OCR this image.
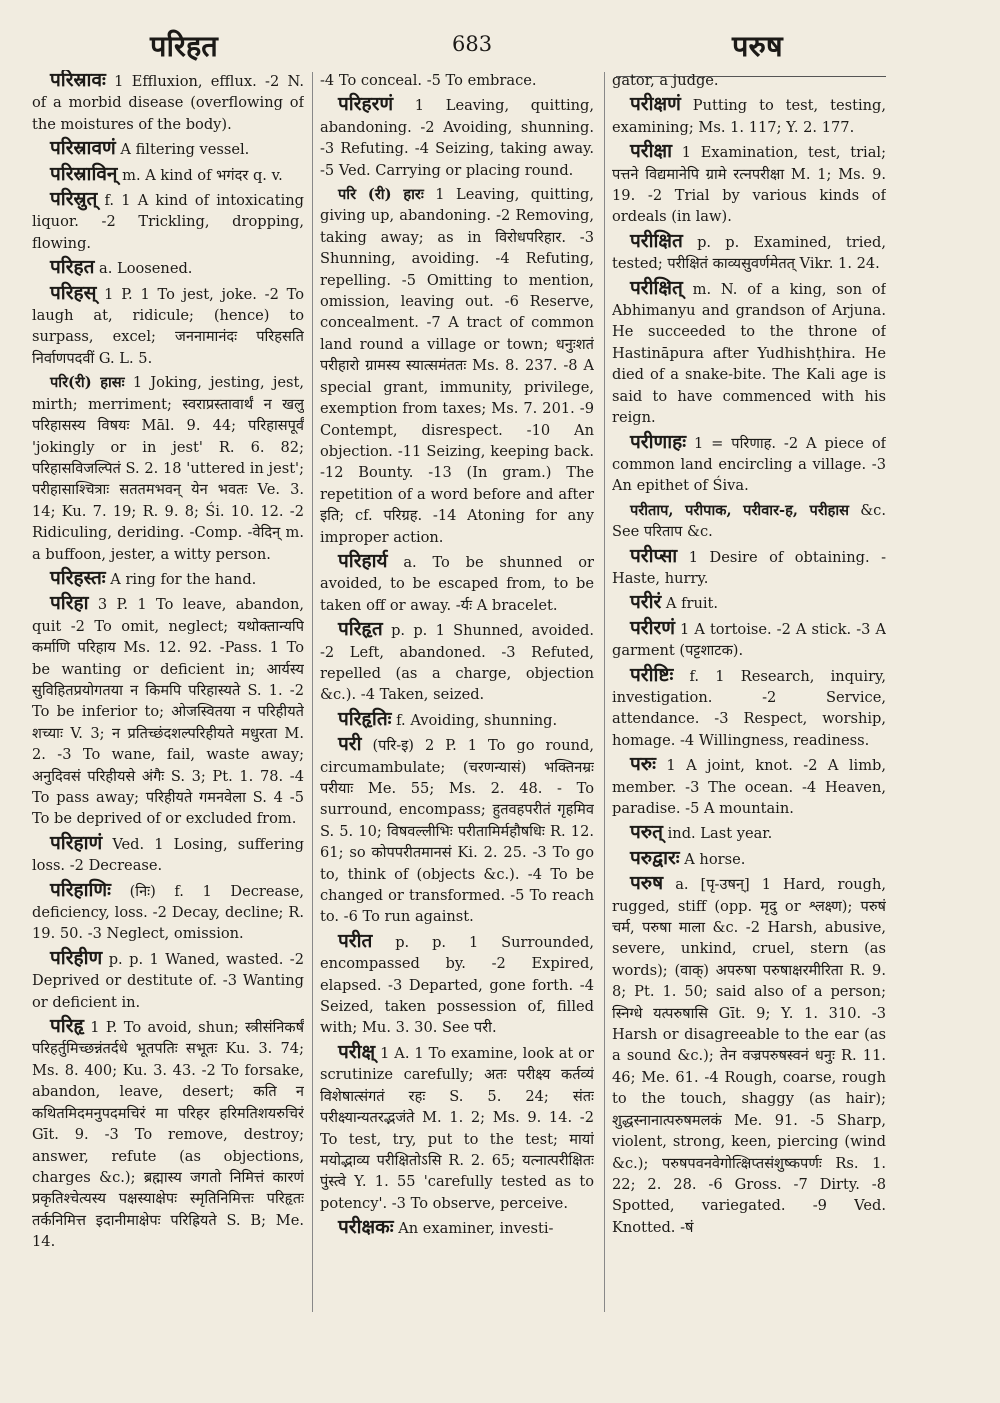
परिहत	683	परुष

परिस्रावः 1 Effluxion, efflux. -2 N. of a morbid disease (overflowing of the moistures of the body).

परिस्रावणं A filtering vessel.

परिस्राविन् m. A kind of भगंदर q. v.

परिस्रुत् f. 1 A kind of intoxicating liquor. -2 Trickling, dropping, flowing.

परिहत a. Loosened.

परिहस् 1 P. 1 To jest, joke. -2 To laugh at, ridicule; (hence) to surpass, excel; जननामानंदः परिहसति निर्वाणपदवीं G. L. 5.

परि(री) हासः 1 Joking, jesting, jest, mirth; merriment; स्वराप्रस्तावार्थं न खलु परिहासस्य विषयः Māl. 9. 44; परिहासपूर्वं 'jokingly or in jest' R. 6. 82; परिहासविजल्पितं S. 2. 18 'uttered in jest'; परीहासाश्चित्राः सततमभवन् येन भवतः Ve. 3. 14; Ku. 7. 19; R. 9. 8; Śi. 10. 12. -2 Ridiculing, deriding. -Comp. -वेदिन् m. a buffoon, jester, a witty person.

परिहस्तः A ring for the hand.

परिहा 3 P. 1 To leave, abandon, quit -2 To omit, neglect; यथोक्तान्यपि कर्माणि परिहाय Ms. 12. 92. -Pass. 1 To be wanting or deficient in; आर्यस्य सुविहितप्रयोगतया न किमपि परिहास्यते S. 1. -2 To be inferior to; ओजस्वितया न परिहीयते शच्याः V. 3; न प्रतिच्छंदशल्परिहीयते मधुरता M. 2. -3 To wane, fail, waste away; अनुदिवसं परिहीयसे अंगैः S. 3; Pt. 1. 78. -4 To pass away; परिहीयते गमनवेला S. 4 -5 To be deprived of or excluded from.

परिहाणं Ved. 1 Losing, suffering loss. -2 Decrease.

परिहाणिः (निः) f. 1 Decrease, deficiency, loss. -2 Decay, decline; R. 19. 50. -3 Neglect, omission.

परिहीण p. p. 1 Waned, wasted. -2 Deprived or destitute of. -3 Wanting or deficient in.

परिहृ 1 P. To avoid, shun; स्त्रीसंनिकर्षं परिहर्तुमिच्छन्नंतर्दधे भूतपतिः सभूतः Ku. 3. 74; Ms. 8. 400; Ku. 3. 43. -2 To forsake, abandon, leave, desert; कति न कथितमिदमनुपदमचिरं मा परिहर हरिमतिशयरुचिरं Gīt. 9. -3 To remove, destroy; answer, refute (as objections, charges &c.); ब्रह्मास्य जगतो निमित्तं कारणं प्रकृतिश्चेत्यस्य पक्षस्याक्षेपः स्मृतिनिमित्तः परिहृतः तर्कनिमित्त इदानीमाक्षेपः परिह्रियते S. B; Me. 14.

-4 To conceal. -5 To embrace.

परिहरणं 1 Leaving, quitting, abandoning. -2 Avoiding, shunning. -3 Refuting. -4 Seizing, taking away. -5 Ved. Carrying or placing round.

परि (री) हारः 1 Leaving, quitting, giving up, abandoning. -2 Removing, taking away; as in विरोधपरिहार. -3 Shunning, avoiding. -4 Refuting, repelling. -5 Omitting to mention, omission, leaving out. -6 Reserve, concealment. -7 A tract of common land round a village or town; धनुःशतं परीहारो ग्रामस्य स्यात्समंततः Ms. 8. 237. -8 A special grant, immunity, privilege, exemption from taxes; Ms. 7. 201. -9 Contempt, disrespect. -10 An objection. -11 Seizing, keeping back. -12 Bounty. -13 (In gram.) The repetition of a word before and after इति; cf. परिग्रह. -14 Atoning for any improper action.

परिहार्य a. To be shunned or avoided, to be escaped from, to be taken off or away. -र्यः A bracelet.

परिहृत p. p. 1 Shunned, avoided. -2 Left, abandoned. -3 Refuted, repelled (as a charge, objection &c.). -4 Taken, seized.

परिहृतिः f. Avoiding, shunning.

परी (परि-इ) 2 P. 1 To go round, circumambulate; (चरणन्यासं) भक्तिनम्रः परीयाः Me. 55; Ms. 2. 48. - To surround, encompass; हुतवहपरीतं गृहमिव S. 5. 10; विषवल्लीभिः परीतामिर्महौषधिः R. 12. 61; so कोपपरीतमानसं Ki. 2. 25. -3 To go to, think of (objects &c.). -4 To be changed or transformed. -5 To reach to. -6 To run against.

परीत p. p. 1 Surrounded, encompassed by. -2 Expired, elapsed. -3 Departed, gone forth. -4 Seized, taken possession of, filled with; Mu. 3. 30. See परी.

परीक्ष् 1 A. 1 To examine, look at or scrutinize carefully; अतः परीक्ष्य कर्तव्यं विशेषात्संगतं रहः S. 5. 24; संतः परीक्ष्यान्यतरद्भजंते M. 1. 2; Ms. 9. 14. -2 To test, try, put to the test; मायां मयोद्भाव्य परीक्षितोऽसि R. 2. 65; यत्नात्परीक्षितः पुंस्त्वे Y. 1. 55 'carefully tested as to potency'. -3 To observe, perceive.

परीक्षकः An examiner, investi-

gator, a judge.

परीक्षणं Putting to test, testing, examining; Ms. 1. 117; Y. 2. 177.

परीक्षा 1 Examination, test, trial; पत्तने विद्यमानेपि ग्रामे रत्नपरीक्षा M. 1; Ms. 9. 19. -2 Trial by various kinds of ordeals (in law).

परीक्षित p. p. Examined, tried, tested; परीक्षितं काव्यसुवर्णमेतत् Vikr. 1. 24.

परीक्षित् m. N. of a king, son of Abhimanyu and grandson of Arjuna. He succeeded to the throne of Hastināpura after Yudhishṭhira. He died of a snake-bite. The Kali age is said to have commenced with his reign.

परीणाहः 1 = परिणाह. -2 A piece of common land encircling a village. -3 An epithet of Śiva.

परीताप, परीपाक, परीवार-ह, परीहास &c. See परिताप &c.

परीप्सा 1 Desire of obtaining. - Haste, hurry.

परीरं A fruit.

परीरणं 1 A tortoise. -2 A stick. -3 A garment (पट्टशाटक).

परीष्टिः f. 1 Research, inquiry, investigation. -2 Service, attendance. -3 Respect, worship, homage. -4 Willingness, readiness.

परुः 1 A joint, knot. -2 A limb, member. -3 The ocean. -4 Heaven, paradise. -5 A mountain.

परुत् ind. Last year.

परुद्वारः A horse.

परुष a. [पृ-उषन्] 1 Hard, rough, rugged, stiff (opp. मृदु or श्लक्ष्ण); परुषं चर्म, परुषा माला &c. -2 Harsh, abusive, severe, unkind, cruel, stern (as words); (वाक्) अपरुषा परुषाक्षरमीरिता R. 9. 8; Pt. 1. 50; said also of a person; स्निग्धे यत्परुषासि Gīt. 9; Y. 1. 310. -3 Harsh or disagreeable to the ear (as a sound &c.); तेन वज्रपरुषस्वनं धनुः R. 11. 46; Me. 61. -4 Rough, coarse, rough to the touch, shaggy (as hair); शुद्धस्नानात्परुषमलकं Me. 91. -5 Sharp, violent, strong, keen, piercing (wind &c.); परुषपवनवेगोत्क्षिप्तसंशुष्कपर्णः Rs. 1. 22; 2. 28. -6 Gross. -7 Dirty. -8 Spotted, variegated. -9 Ved. Knotted. -षं
